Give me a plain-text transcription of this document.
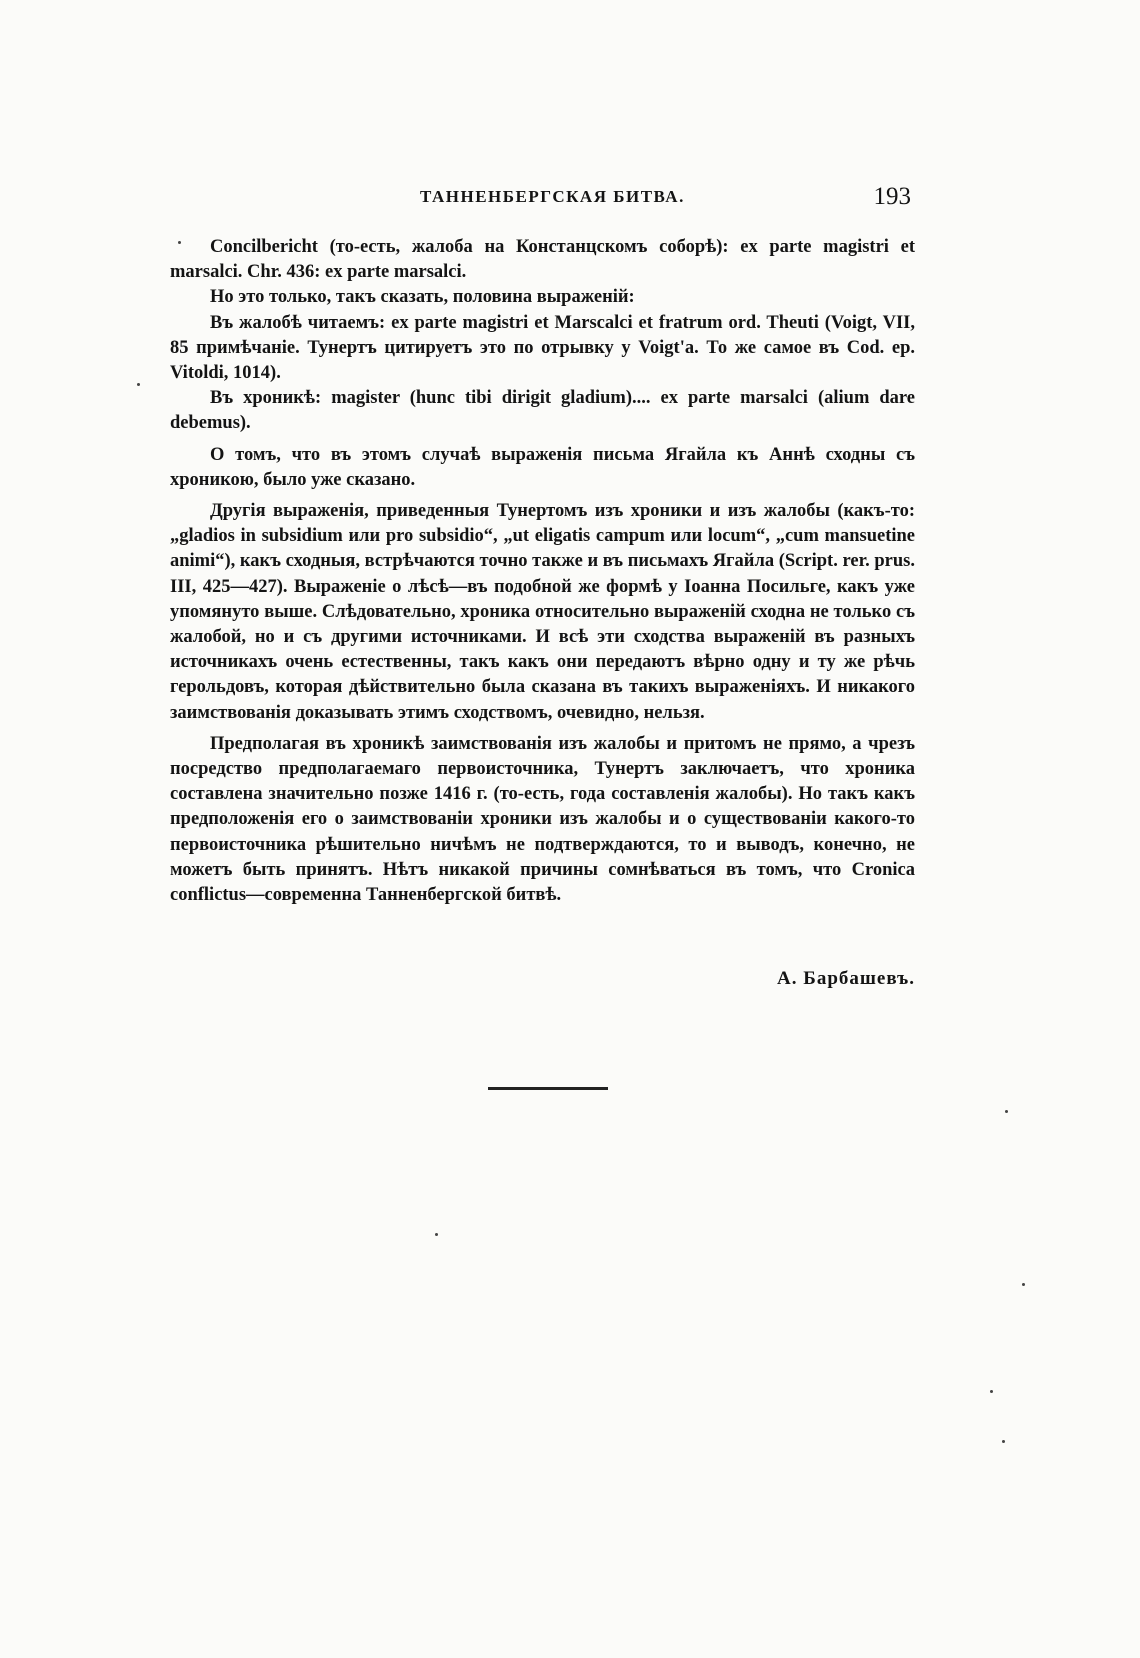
ТАННЕНБЕРГСКАЯ БИТВА.	193

Concilbericht (то-есть, жалоба на Констанцскомъ соборѣ): ex parte magistri et marsalci. Chr. 436: ex parte marsalci.

Но это только, такъ сказать, половина выраженій:

Въ жалобѣ читаемъ: ex parte magistri et Marscalci et fratrum ord. Theuti (Voigt, VII, 85 примѣчаніе. Тунертъ цитируетъ это по отрывку у Voigt'a. То же самое въ Cod. ep. Vitoldi, 1014).

Въ хроникѣ: magister (hunc tibi dirigit gladium).... ex parte marsalci (alium dare debemus).

О томъ, что въ этомъ случаѣ выраженія письма Ягайла къ Аннѣ сходны съ хроникою, было уже сказано.

Другія выраженія, приведенныя Тунертомъ изъ хроники и изъ жалобы (какъ-то: „gladios in subsidium или pro subsidio“, „ut eligatis campum или locum“, „cum mansuetine animi“), какъ сходныя, встрѣчаются точно также и въ письмахъ Ягайла (Script. rer. prus. III, 425—427). Выраженіе о лѣсѣ—въ подобной же формѣ у Іоанна Посильге, какъ уже упомянуто выше. Слѣдовательно, хроника относительно выраженій сходна не только съ жалобой, но и съ другими источниками. И всѣ эти сходства выраженій въ разныхъ источникахъ очень естественны, такъ какъ они передаютъ вѣрно одну и ту же рѣчь герольдовъ, которая дѣйствительно была сказана въ такихъ выраженіяхъ. И никакого заимствованія доказывать этимъ сходствомъ, очевидно, нельзя.

Предполагая въ хроникѣ заимствованія изъ жалобы и притомъ не прямо, а чрезъ посредство предполагаемаго первоисточника, Тунертъ заключаетъ, что хроника составлена значительно позже 1416 г. (то-есть, года составленія жалобы). Но такъ какъ предположенія его о заимствованіи хроники изъ жалобы и о существованіи какого-то первоисточника рѣшительно ничѣмъ не подтверждаются, то и выводъ, конечно, не можетъ быть принятъ. Нѣтъ никакой причины сомнѣваться въ томъ, что Cronica conflictus—современна Танненбергской битвѣ.

А. Барбашевъ.
